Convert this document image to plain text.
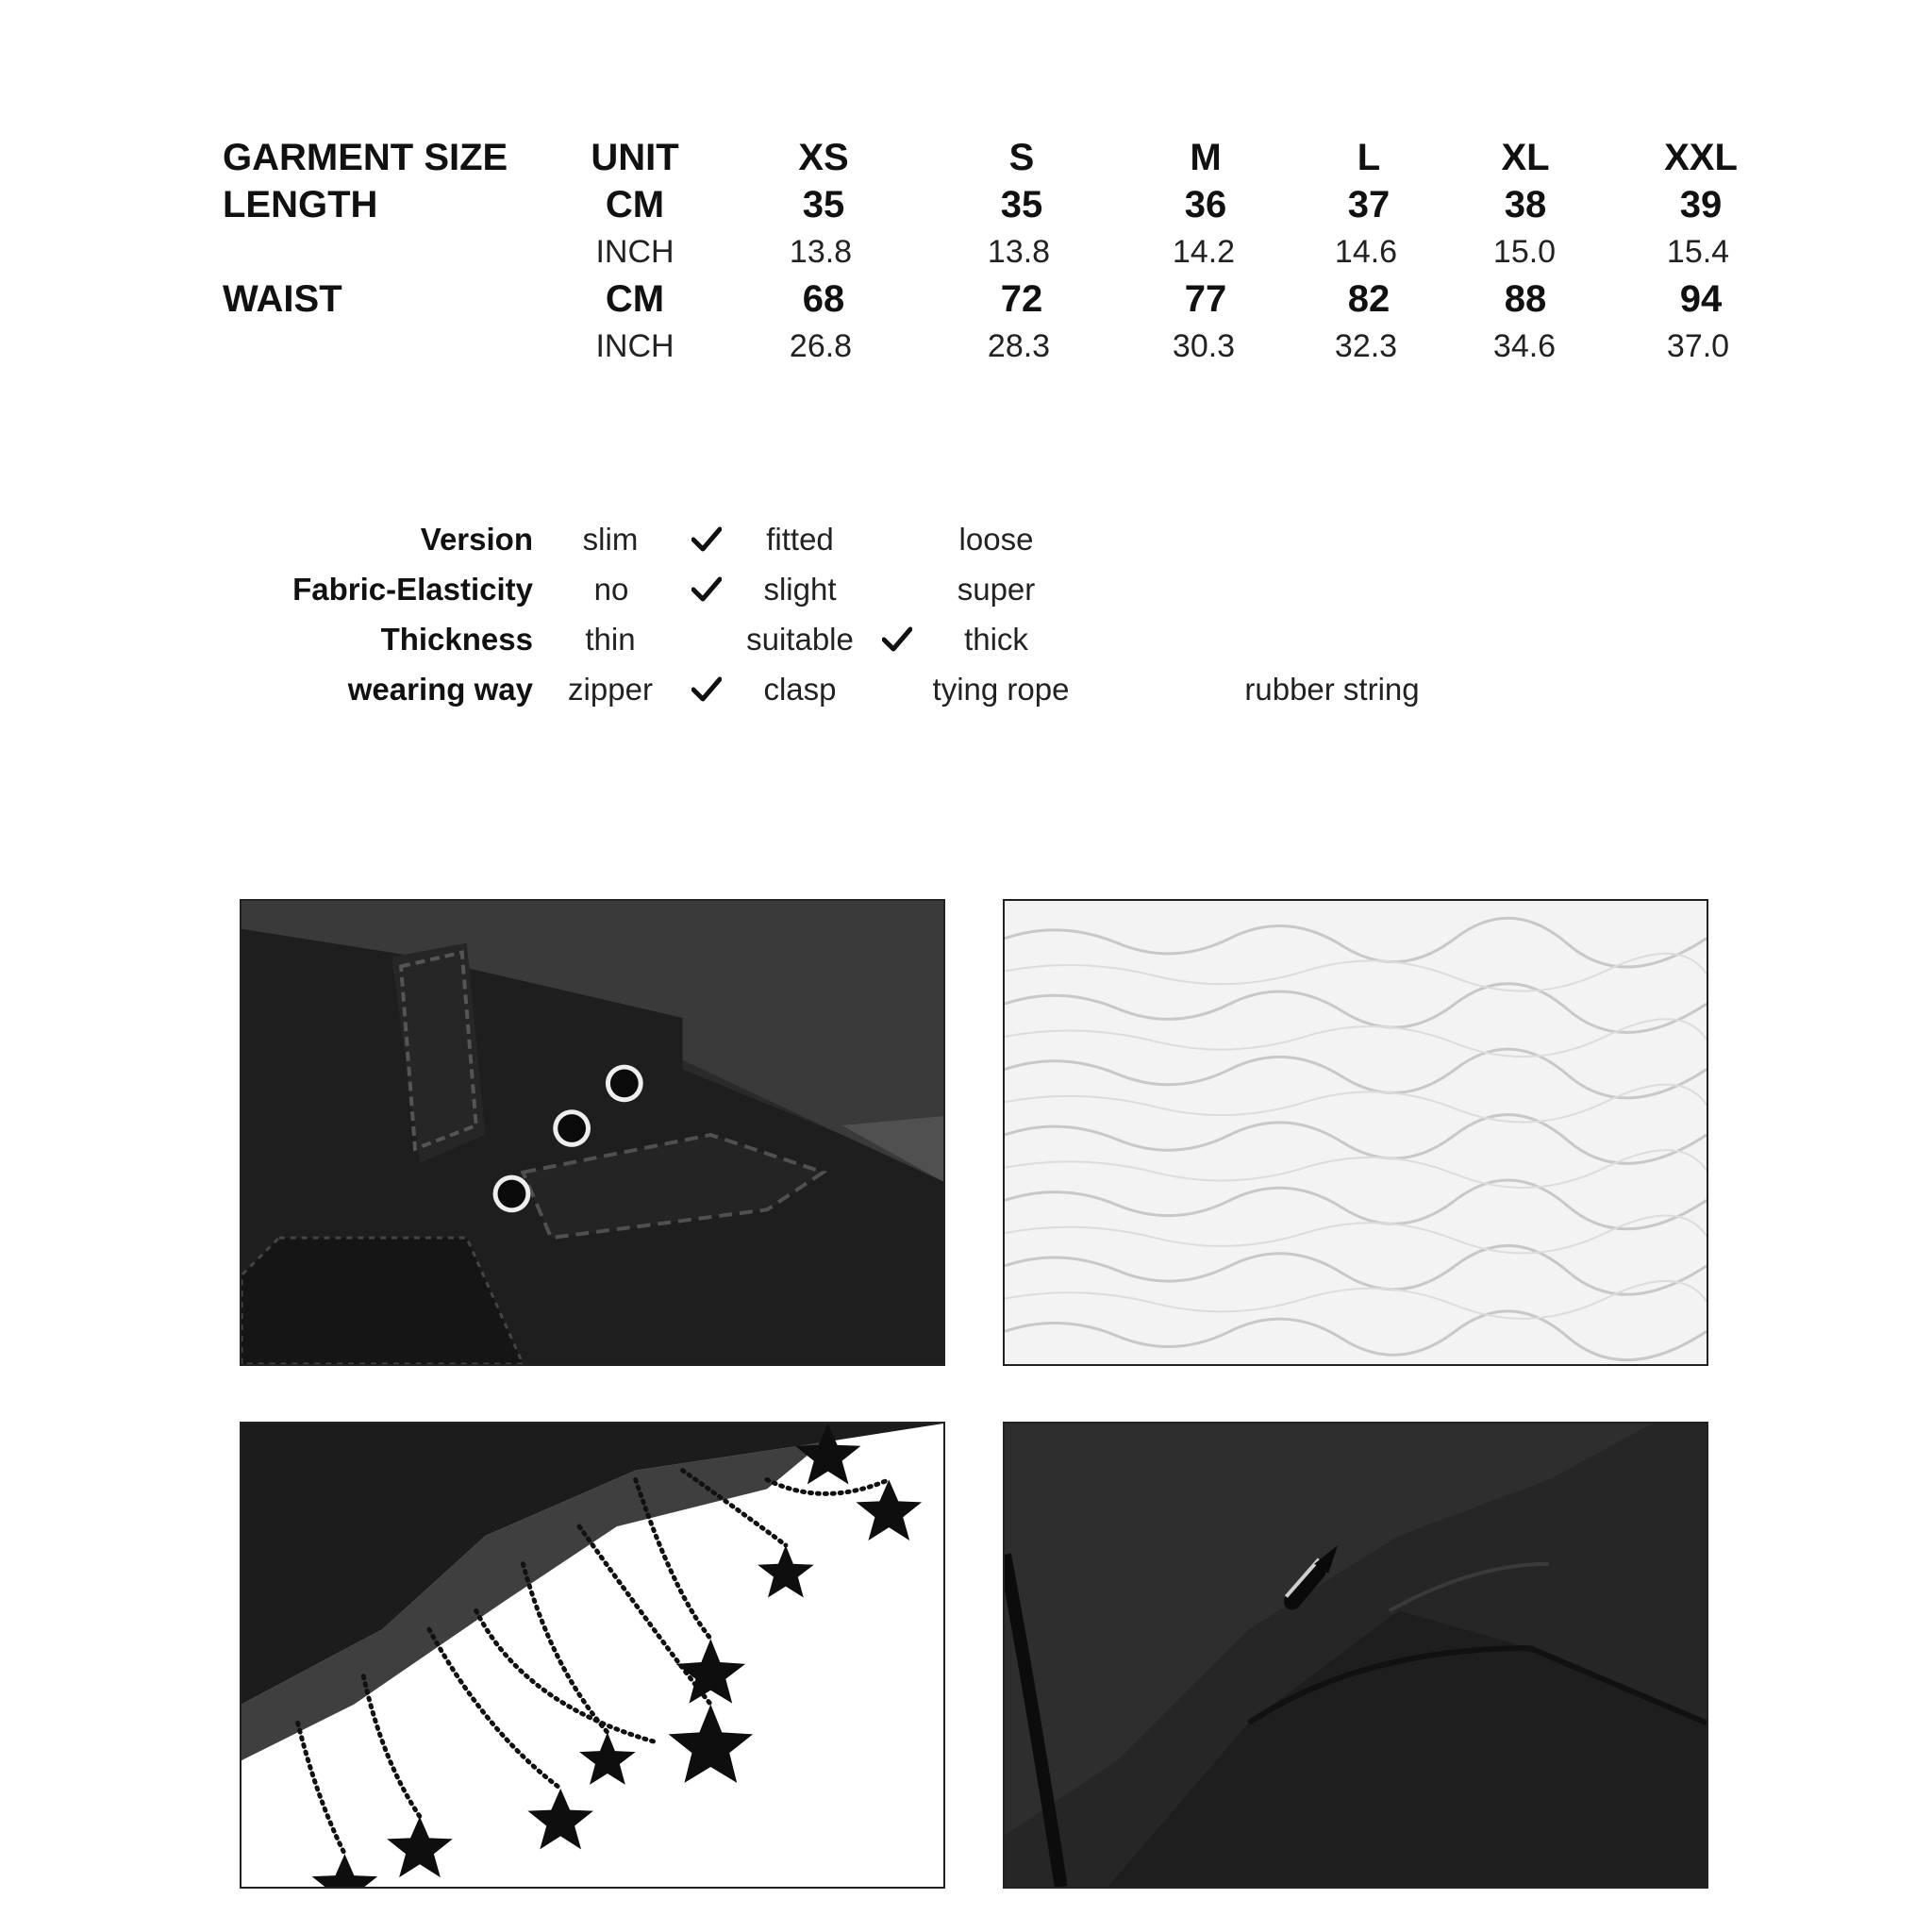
GARMENT SIZE UNIT	XS	S	M	L	XL	XXL
LENGTH	CM	35	35	36	37	38	39
INCH	13.8	13.8	14.2	14.6	15.0	15.4
WAIST	CM	68	72	77	82	88	94
INCH	26.8	28.3	30.3	32.3	34.6	37.0
Version slim	fitted	loose
Fabric-Elasticity no	slight	super
Thickness thin	suitable	thick
wearing way zipper	clasp	tying rope	rubber string
